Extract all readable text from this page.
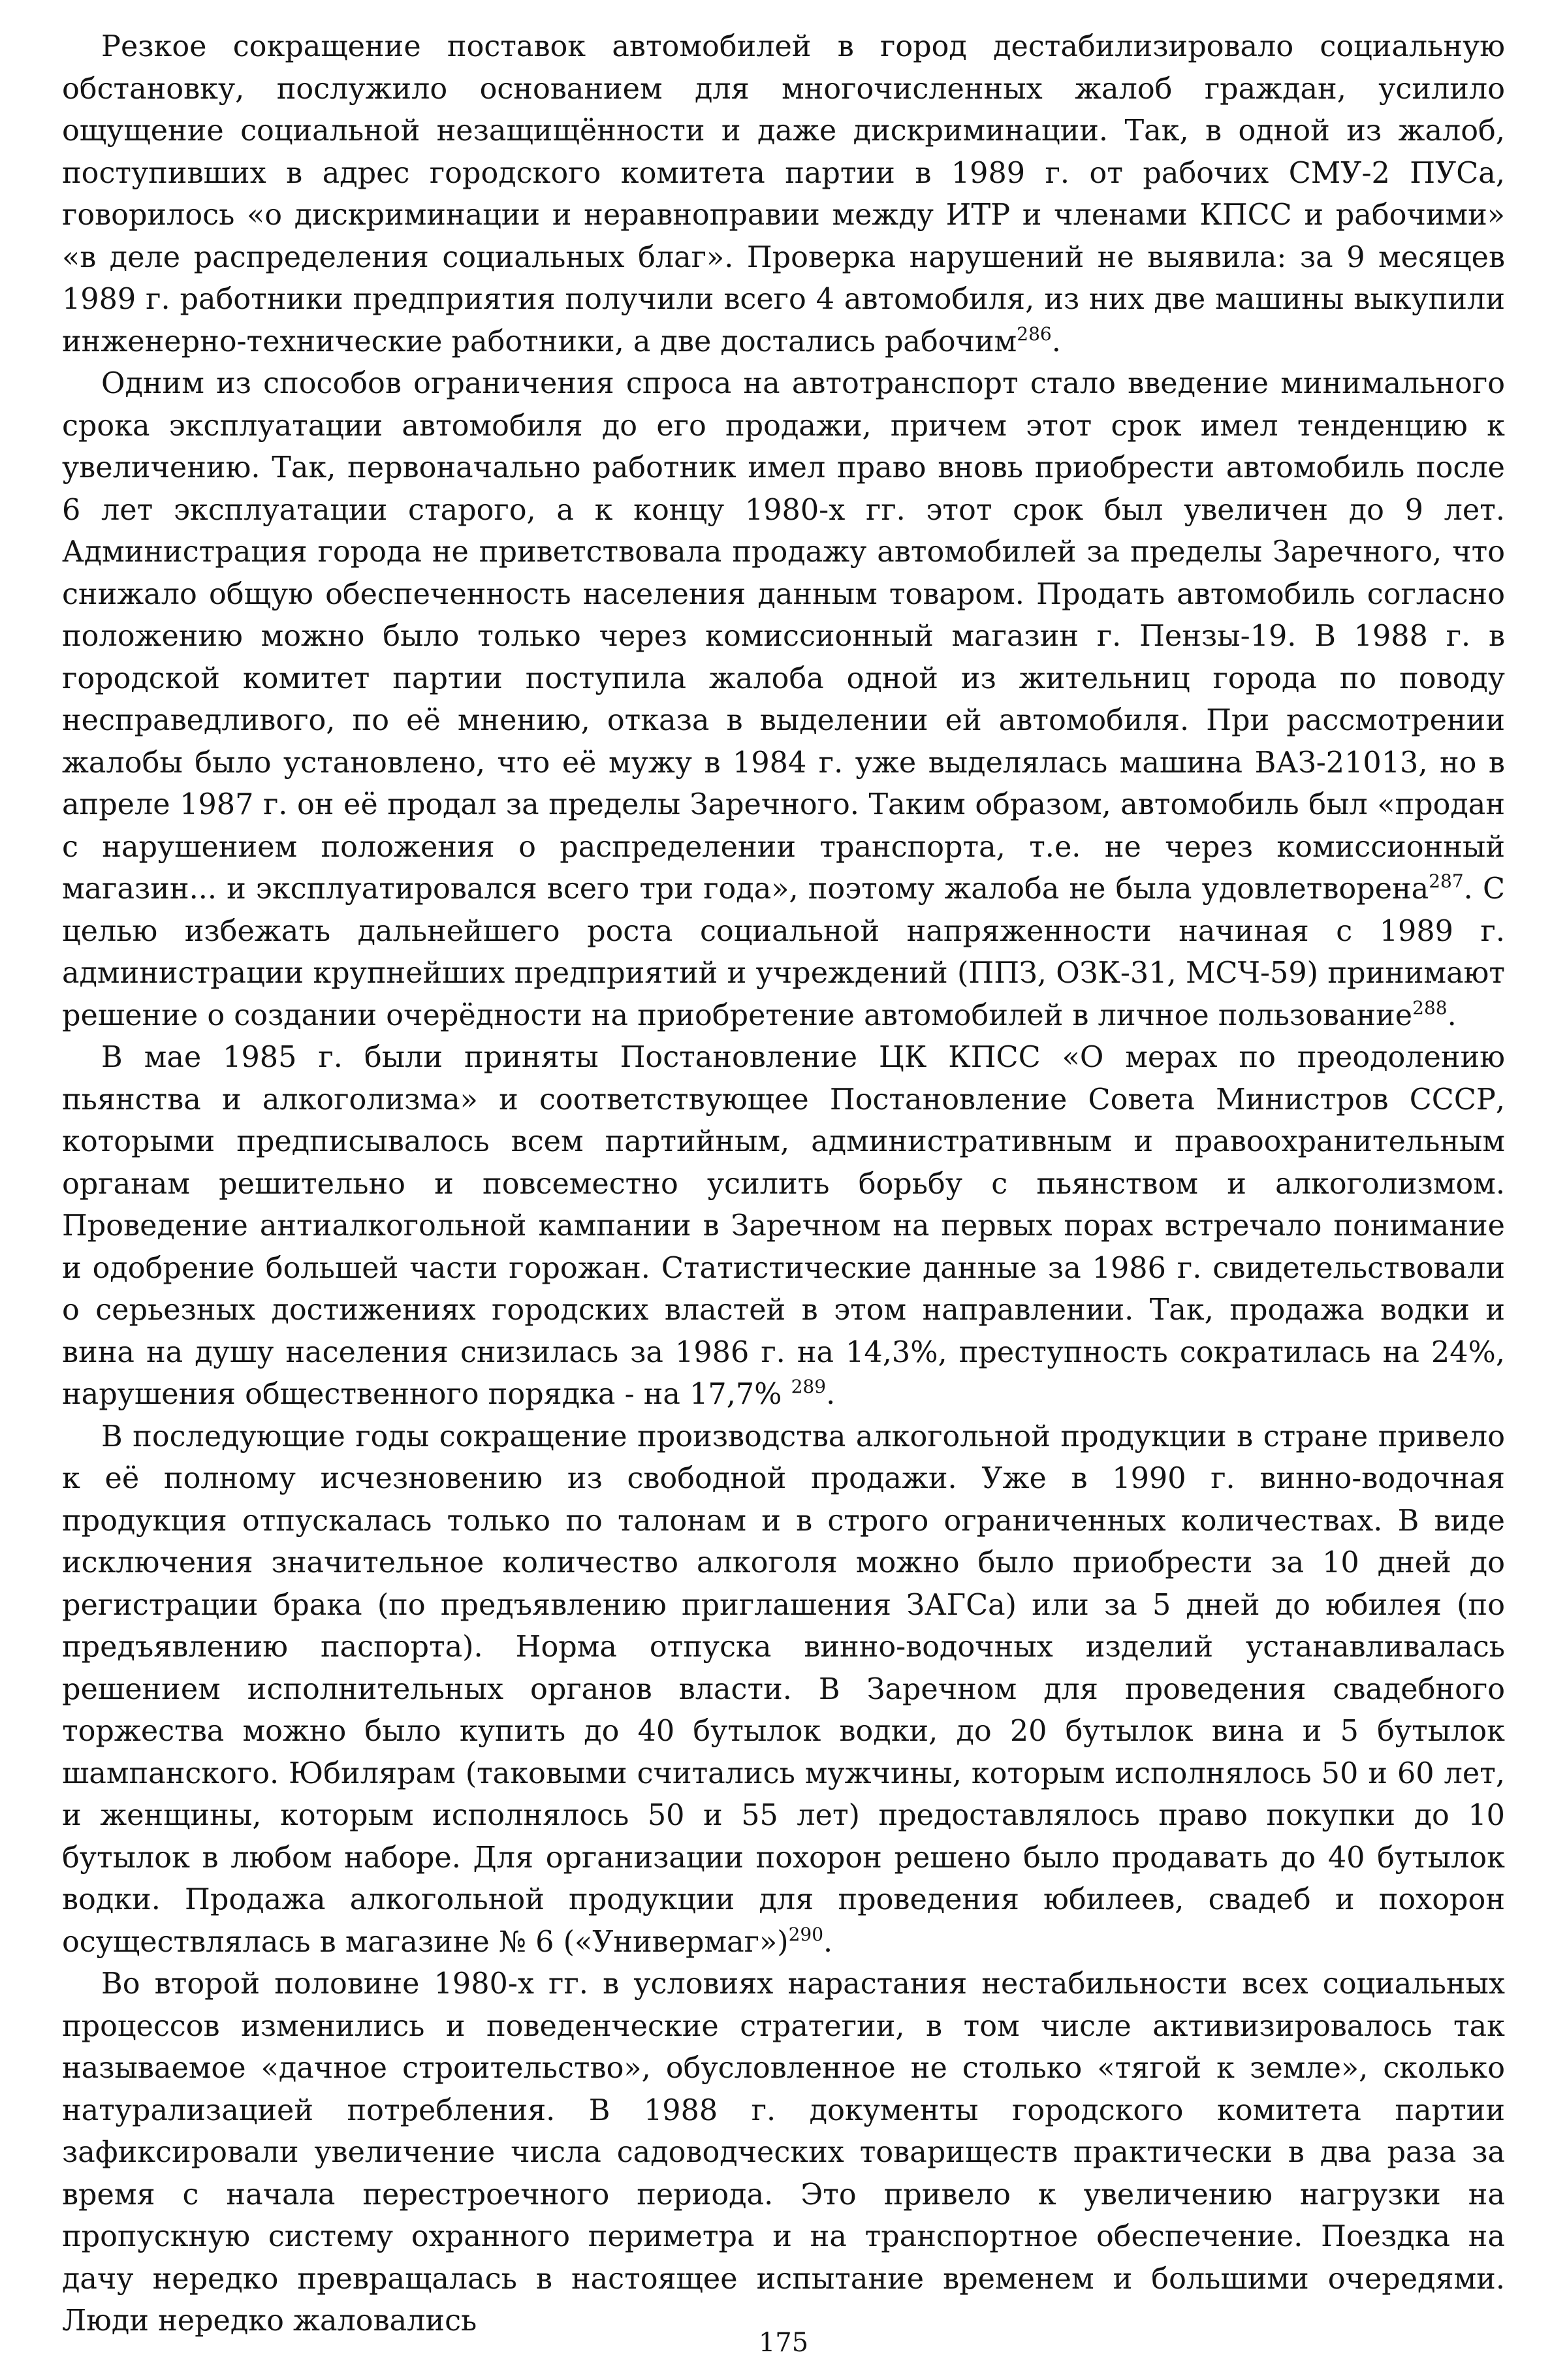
Резкое сокращение поставок автомобилей в город дестабилизировало социальную обстановку, послужило основанием для многочисленных жалоб граждан, усилило ощущение социальной незащищённости и даже дискриминации. Так, в одной из жалоб, поступивших в адрес городского комитета партии в 1989 г. от рабочих СМУ-2 ПУСа, говорилось «о дискриминации и неравноправии между ИТР и членами КПСС и рабочими» «в деле распределения социальных благ». Проверка нарушений не выявила: за 9 месяцев 1989 г. работники предприятия получили всего 4 автомобиля, из них две машины выкупили инженерно-технические работники, а две достались рабочим$^{286}$.

Одним из способов ограничения спроса на автотранспорт стало введение минимального срока эксплуатации автомобиля до его продажи, причем этот срок имел тенденцию к увеличению. Так, первоначально работник имел право вновь приобрести автомобиль после 6 лет эксплуатации старого, а к концу 1980-х гг. этот срок был увеличен до 9 лет. Администрация города не приветствовала продажу автомобилей за пределы Заречного, что снижало общую обеспеченность населения данным товаром. Продать автомобиль согласно положению можно было только через комиссионный магазин г. Пензы-19. В 1988 г. в городской комитет партии поступила жалоба одной из жительниц города по поводу несправедливого, по её мнению, отказа в выделении ей автомобиля. При рассмотрении жалобы было установлено, что её мужу в 1984 г. уже выделялась машина ВАЗ-21013, но в апреле 1987 г. он её продал за пределы Заречного. Таким образом, автомобиль был «продан с нарушением положения о распределении транспорта, т.е. не через комиссионный магазин... и эксплуатировался всего три года», поэтому жалоба не была удовлетворена$^{287}$. С целью избежать дальнейшего роста социальной напряженности начиная с 1989 г. администрации крупнейших предприятий и учреждений (ППЗ, ОЗК-31, МСЧ-59) принимают решение о создании очерёдности на приобретение автомобилей в личное пользование$^{288}$.

В мае 1985 г. были приняты Постановление ЦК КПСС «О мерах по преодолению пьянства и алкоголизма» и соответствующее Постановление Совета Министров СССР, которыми предписывалось всем партийным, административным и правоохранительным органам решительно и повсеместно усилить борьбу с пьянством и алкоголизмом. Проведение антиалкогольной кампании в Заречном на первых порах встречало понимание и одобрение большей части горожан. Статистические данные за 1986 г. свидетельствовали о серьезных достижениях городских властей в этом направлении. Так, продажа водки и вина на душу населения снизилась за 1986 г. на 14,3%, преступность сократилась на 24%, нарушения общественного порядка - на 17,7% $^{289}$.

В последующие годы сокращение производства алкогольной продукции в стране привело к её полному исчезновению из свободной продажи. Уже в 1990 г. винно-водочная продукция отпускалась только по талонам и в строго ограниченных количествах. В виде исключения значительное количество алкоголя можно было приобрести за 10 дней до регистрации брака (по предъявлению приглашения ЗАГСа) или за 5 дней до юбилея (по предъявлению паспорта). Норма отпуска винно-водочных изделий устанавливалась решением исполнительных органов власти. В Заречном для проведения свадебного торжества можно было купить до 40 бутылок водки, до 20 бутылок вина и 5 бутылок шампанского. Юбилярам (таковыми считались мужчины, которым исполнялось 50 и 60 лет, и женщины, которым исполнялось 50 и 55 лет) предоставлялось право покупки до 10 бутылок в любом наборе. Для организации похорон решено было продавать до 40 бутылок водки. Продажа алкогольной продукции для проведения юбилеев, свадеб и похорон осуществлялась в магазине № 6 («Универмаг»)$^{290}$.

Во второй половине 1980-х гг. в условиях нарастания нестабильности всех социальных процессов изменились и поведенческие стратегии, в том числе активизировалось так называемое «дачное строительство», обусловленное не столько «тягой к земле», сколько натурализацией потребления. В 1988 г. документы городского комитета партии зафиксировали увеличение числа садоводческих товариществ практически в два раза за время с начала перестроечного периода. Это привело к увеличению нагрузки на пропускную систему охранного периметра и на транспортное обеспечение. Поездка на дачу нередко превращалась в настоящее испытание временем и большими очередями. Люди нередко жаловались

175
